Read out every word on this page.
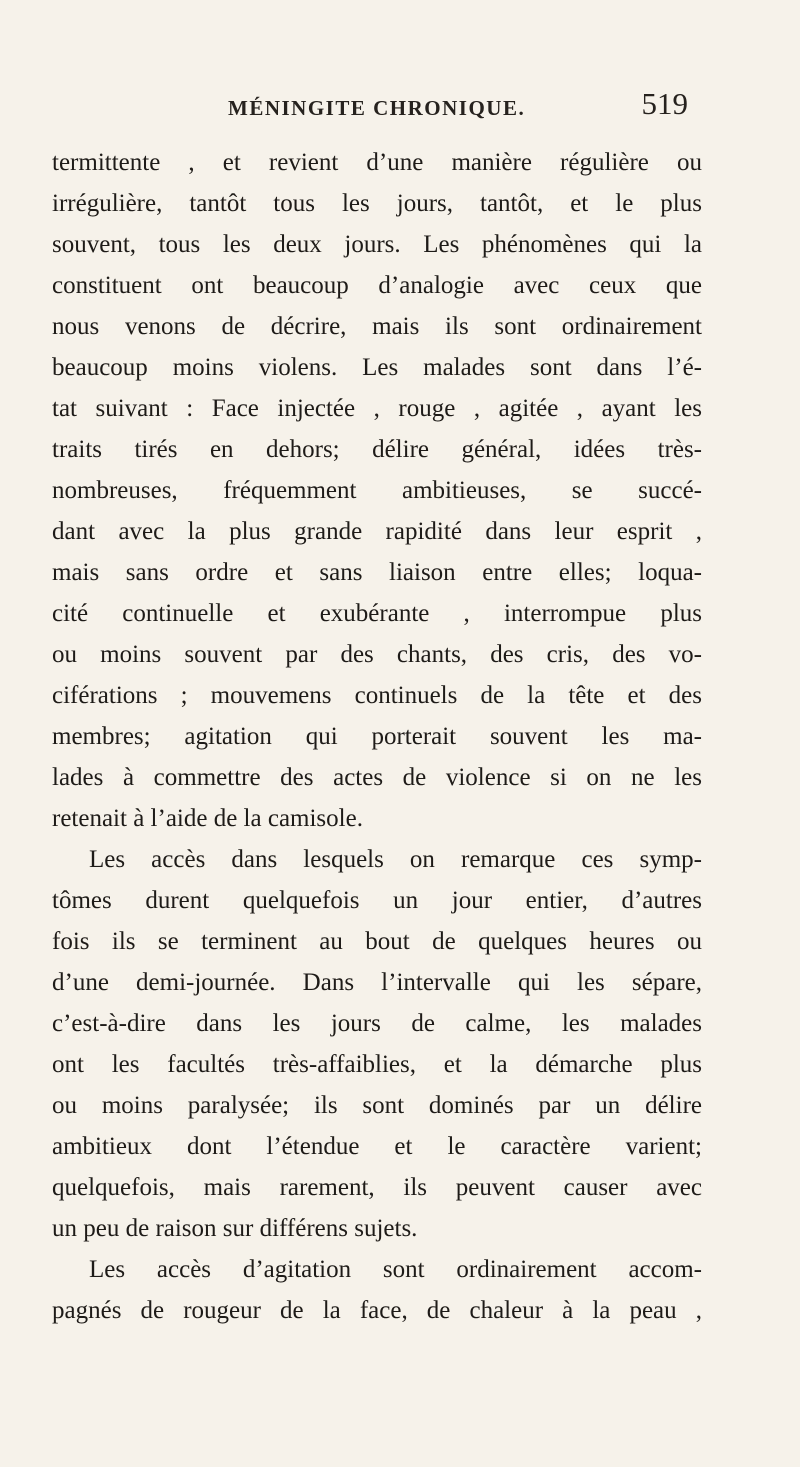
MÉNINGITE CHRONIQUE.	519
termittente , et revient d’une manière régulière ou
irrégulière, tantôt tous les jours, tantôt, et le plus
souvent, tous les deux jours. Les phénomènes qui la
constituent ont beaucoup d’analogie avec ceux que
nous venons de décrire, mais ils sont ordinairement
beaucoup moins violens. Les malades sont dans l’é-
tat suivant : Face injectée , rouge , agitée , ayant les
traits tirés en dehors; délire général, idées très-
nombreuses, fréquemment ambitieuses, se succé-
dant avec la plus grande rapidité dans leur esprit ,
mais sans ordre et sans liaison entre elles; loqua-
cité continuelle et exubérante , interrompue plus
ou moins souvent par des chants, des cris, des vo-
ciférations ; mouvemens continuels de la tête et des
membres; agitation qui porterait souvent les ma-
lades à commettre des actes de violence si on ne les
retenait à l’aide de la camisole.
Les accès dans lesquels on remarque ces symp-
tômes durent quelquefois un jour entier, d’autres
fois ils se terminent au bout de quelques heures ou
d’une demi-journée. Dans l’intervalle qui les sépare,
c’est-à-dire dans les jours de calme, les malades
ont les facultés très-affaiblies, et la démarche plus
ou moins paralysée; ils sont dominés par un délire
ambitieux dont l’étendue et le caractère varient;
quelquefois, mais rarement, ils peuvent causer avec
un peu de raison sur différens sujets.
Les accès d’agitation sont ordinairement accom-
pagnés de rougeur de la face, de chaleur à la peau ,
